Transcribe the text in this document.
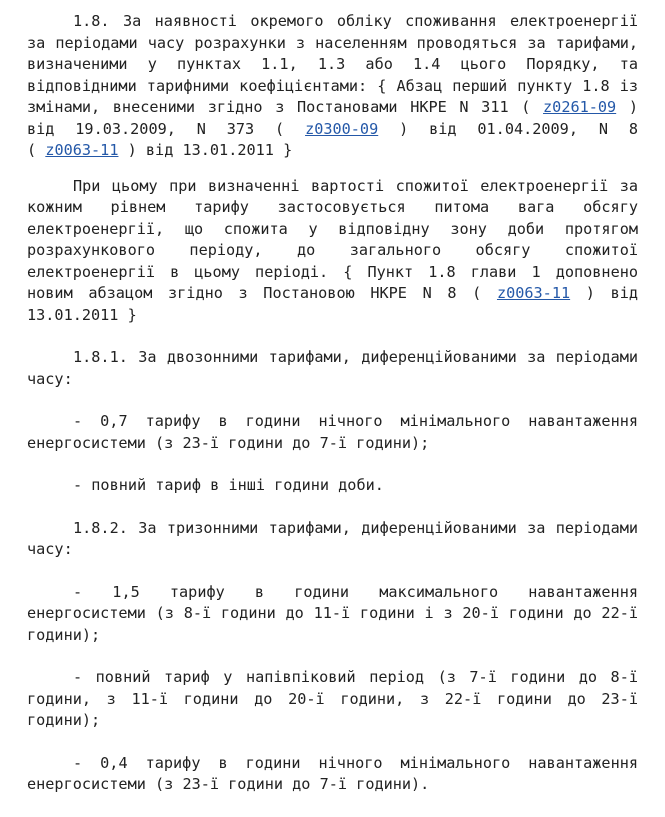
1.8. За наявності окремого обліку споживання електроенергії
за періодами часу розрахунки з населенням проводяться за тарифами,
визначеними у пунктах 1.1, 1.3 або 1.4 цього Порядку, та
відповідними тарифними коефіцієнтами: { Абзац перший пункту 1.8 із
змінами, внесеними згідно з Постановами НКРЕ N 311 ( z0261-09 )
від 19.03.2009, N 373 ( z0300-09 ) від 01.04.2009, N 8
( z0063-11 ) від 13.01.2011 }
При цьому при визначенні вартості спожитої електроенергії за
кожним рівнем тарифу застосовується питома вага обсягу
електроенергії, що спожита у відповідну зону доби протягом
розрахункового періоду, до загального обсягу спожитої
електроенергії в цьому періоді. { Пункт 1.8 глави 1 доповнено
новим абзацом згідно з Постановою НКРЕ N 8 ( z0063-11 ) від
13.01.2011 }
1.8.1. За двозонними тарифами, диференційованими за періодами
часу:
- 0,7 тарифу в години нічного мінімального навантаження
енергосистеми (з 23-ї години до 7-ї години);
- повний тариф в інші години доби.
1.8.2. За тризонними тарифами, диференційованими за періодами
часу:
- 1,5 тарифу в години максимального навантаження
енергосистеми (з 8-ї години до 11-ї години і з 20-ї години до 22-ї
години);
- повний тариф у напівпіковий період (з 7-ї години до 8-ї
години, з 11-ї години до 20-ї години, з 22-ї години до 23-ї
години);
- 0,4 тарифу в години нічного мінімального навантаження
енергосистеми (з 23-ї години до 7-ї години).
